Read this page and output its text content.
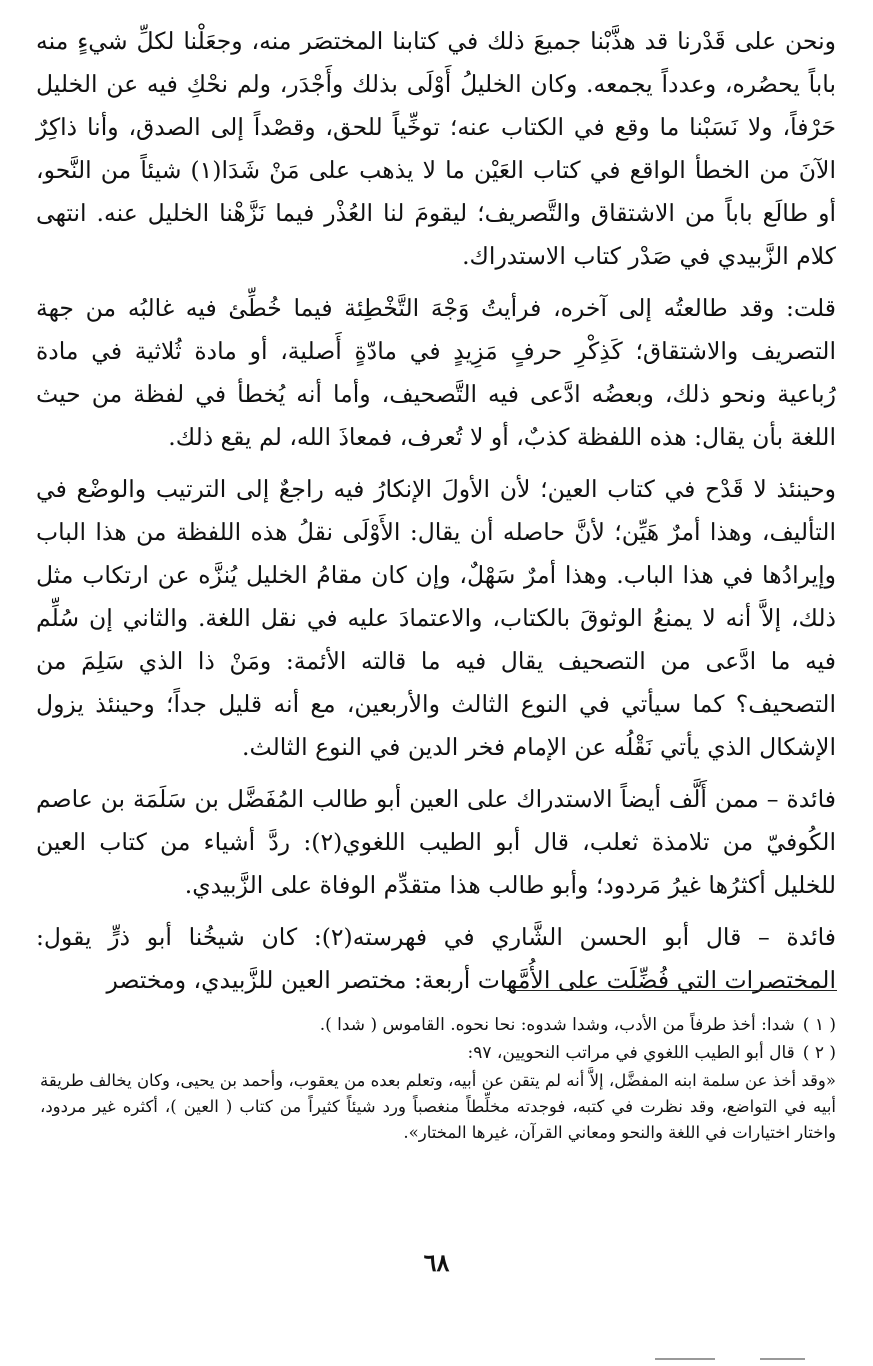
ونحن على قَدْرنا قد هذَّبْنا جميعَ ذلك في كتابنا المختصَر منه، وجعَلْنا لكلِّ شيءٍ منه باباً يحصُره، وعدداً يجمعه. وكان الخليلُ أَوْلَى بذلك وأَجْدَر، ولم نحْكِ فيه عن الخليل حَرْفاً، ولا نَسَبْنا ما وقع في الكتاب عنه؛ توخِّياً للحق، وقصْداً إلى الصدق، وأنا ذاكِرٌ الآنَ من الخطأ الواقع في كتاب العَيْن ما لا يذهب على مَنْ شَدَا(١) شيئاً من النَّحو، أو طالَع باباً من الاشتقاق والتَّصريف؛ ليقومَ لنا العُذْر فيما نَزَّهْنا الخليل عنه. انتهى كلام الزَّبيدي في صَدْر كتاب الاستدراك.

قلت: وقد طالعتُه إلى آخره، فرأيتُ وَجْهَ التَّخْطِئة فيما خُطِّئ فيه غالبُه من جهة التصريف والاشتقاق؛ كَذِكْرِ حرفٍ مَزِيدٍ في مادّةٍ أَصلية، أو مادة ثُلاثية في مادة رُباعية ونحو ذلك، وبعضُه ادَّعى فيه التَّصحيف، وأما أنه يُخطأ في لفظة من حيث اللغة بأن يقال: هذه اللفظة كذبٌ، أو لا تُعرف، فمعاذَ الله، لم يقع ذلك.

وحينئذ لا قَدْح في كتاب العين؛ لأن الأولَ الإنكارُ فيه راجعٌ إلى الترتيب والوضْع في التأليف، وهذا أمرٌ هَيِّن؛ لأنَّ حاصله أن يقال: الأَوْلَى نقلُ هذه اللفظة من هذا الباب وإيرادُها في هذا الباب. وهذا أمرٌ سَهْلٌ، وإن كان مقامُ الخليل يُنزَّه عن ارتكاب مثل ذلك، إلاَّ أنه لا يمنعُ الوثوقَ بالكتاب، والاعتمادَ عليه في نقل اللغة. والثاني إن سُلِّم فيه ما ادَّعى من التصحيف يقال فيه ما قالته الأئمة: ومَنْ ذا الذي سَلِمَ من التصحيف؟ كما سيأتي في النوع الثالث والأربعين، مع أنه قليل جداً؛ وحينئذ يزول الإشكال الذي يأتي نَقْلُه عن الإمام فخر الدين في النوع الثالث.

فائدة – ممن أَلَّف أيضاً الاستدراك على العين أبو طالب المُفَضَّل بن سَلَمَة بن عاصم الكُوفيّ من تلامذة ثعلب، قال أبو الطيب اللغوي(٢): ردَّ أشياء من كتاب العين للخليل أكثرُها غيرُ مَردود؛ وأبو طالب هذا متقدِّم الوفاة على الزَّبيدي.

فائدة – قال أبو الحسن الشَّاري في فهرسته(٢): كان شيخُنا أبو ذرٍّ يقول: المختصرات التي فُضِّلَت على الأُمَّهات أربعة: مختصر العين للزَّبيدي، ومختصر

( ١ )شدا: أخذ طرفاً من الأدب، وشدا شدوه: نحا نحوه. القاموس ( شدا ).

( ٢ )قال أبو الطيب اللغوي في مراتب النحويين، ٩٧:

«وقد أخذ عن سلمة ابنه المفضَّل، إلاَّ أنه لم يتقن عن أبيه، وتعلم بعده من يعقوب، وأحمد بن يحيى، وكان يخالف طريقة أبيه في التواضع، وقد نظرت في كتبه، فوجدته مخلِّطاً منغصباً ورد شيئاً كثيراً من كتاب ( العين )، أكثره غير مردود، واختار اختيارات في اللغة والنحو ومعاني القرآن، غيرها المختار».

٦٨
